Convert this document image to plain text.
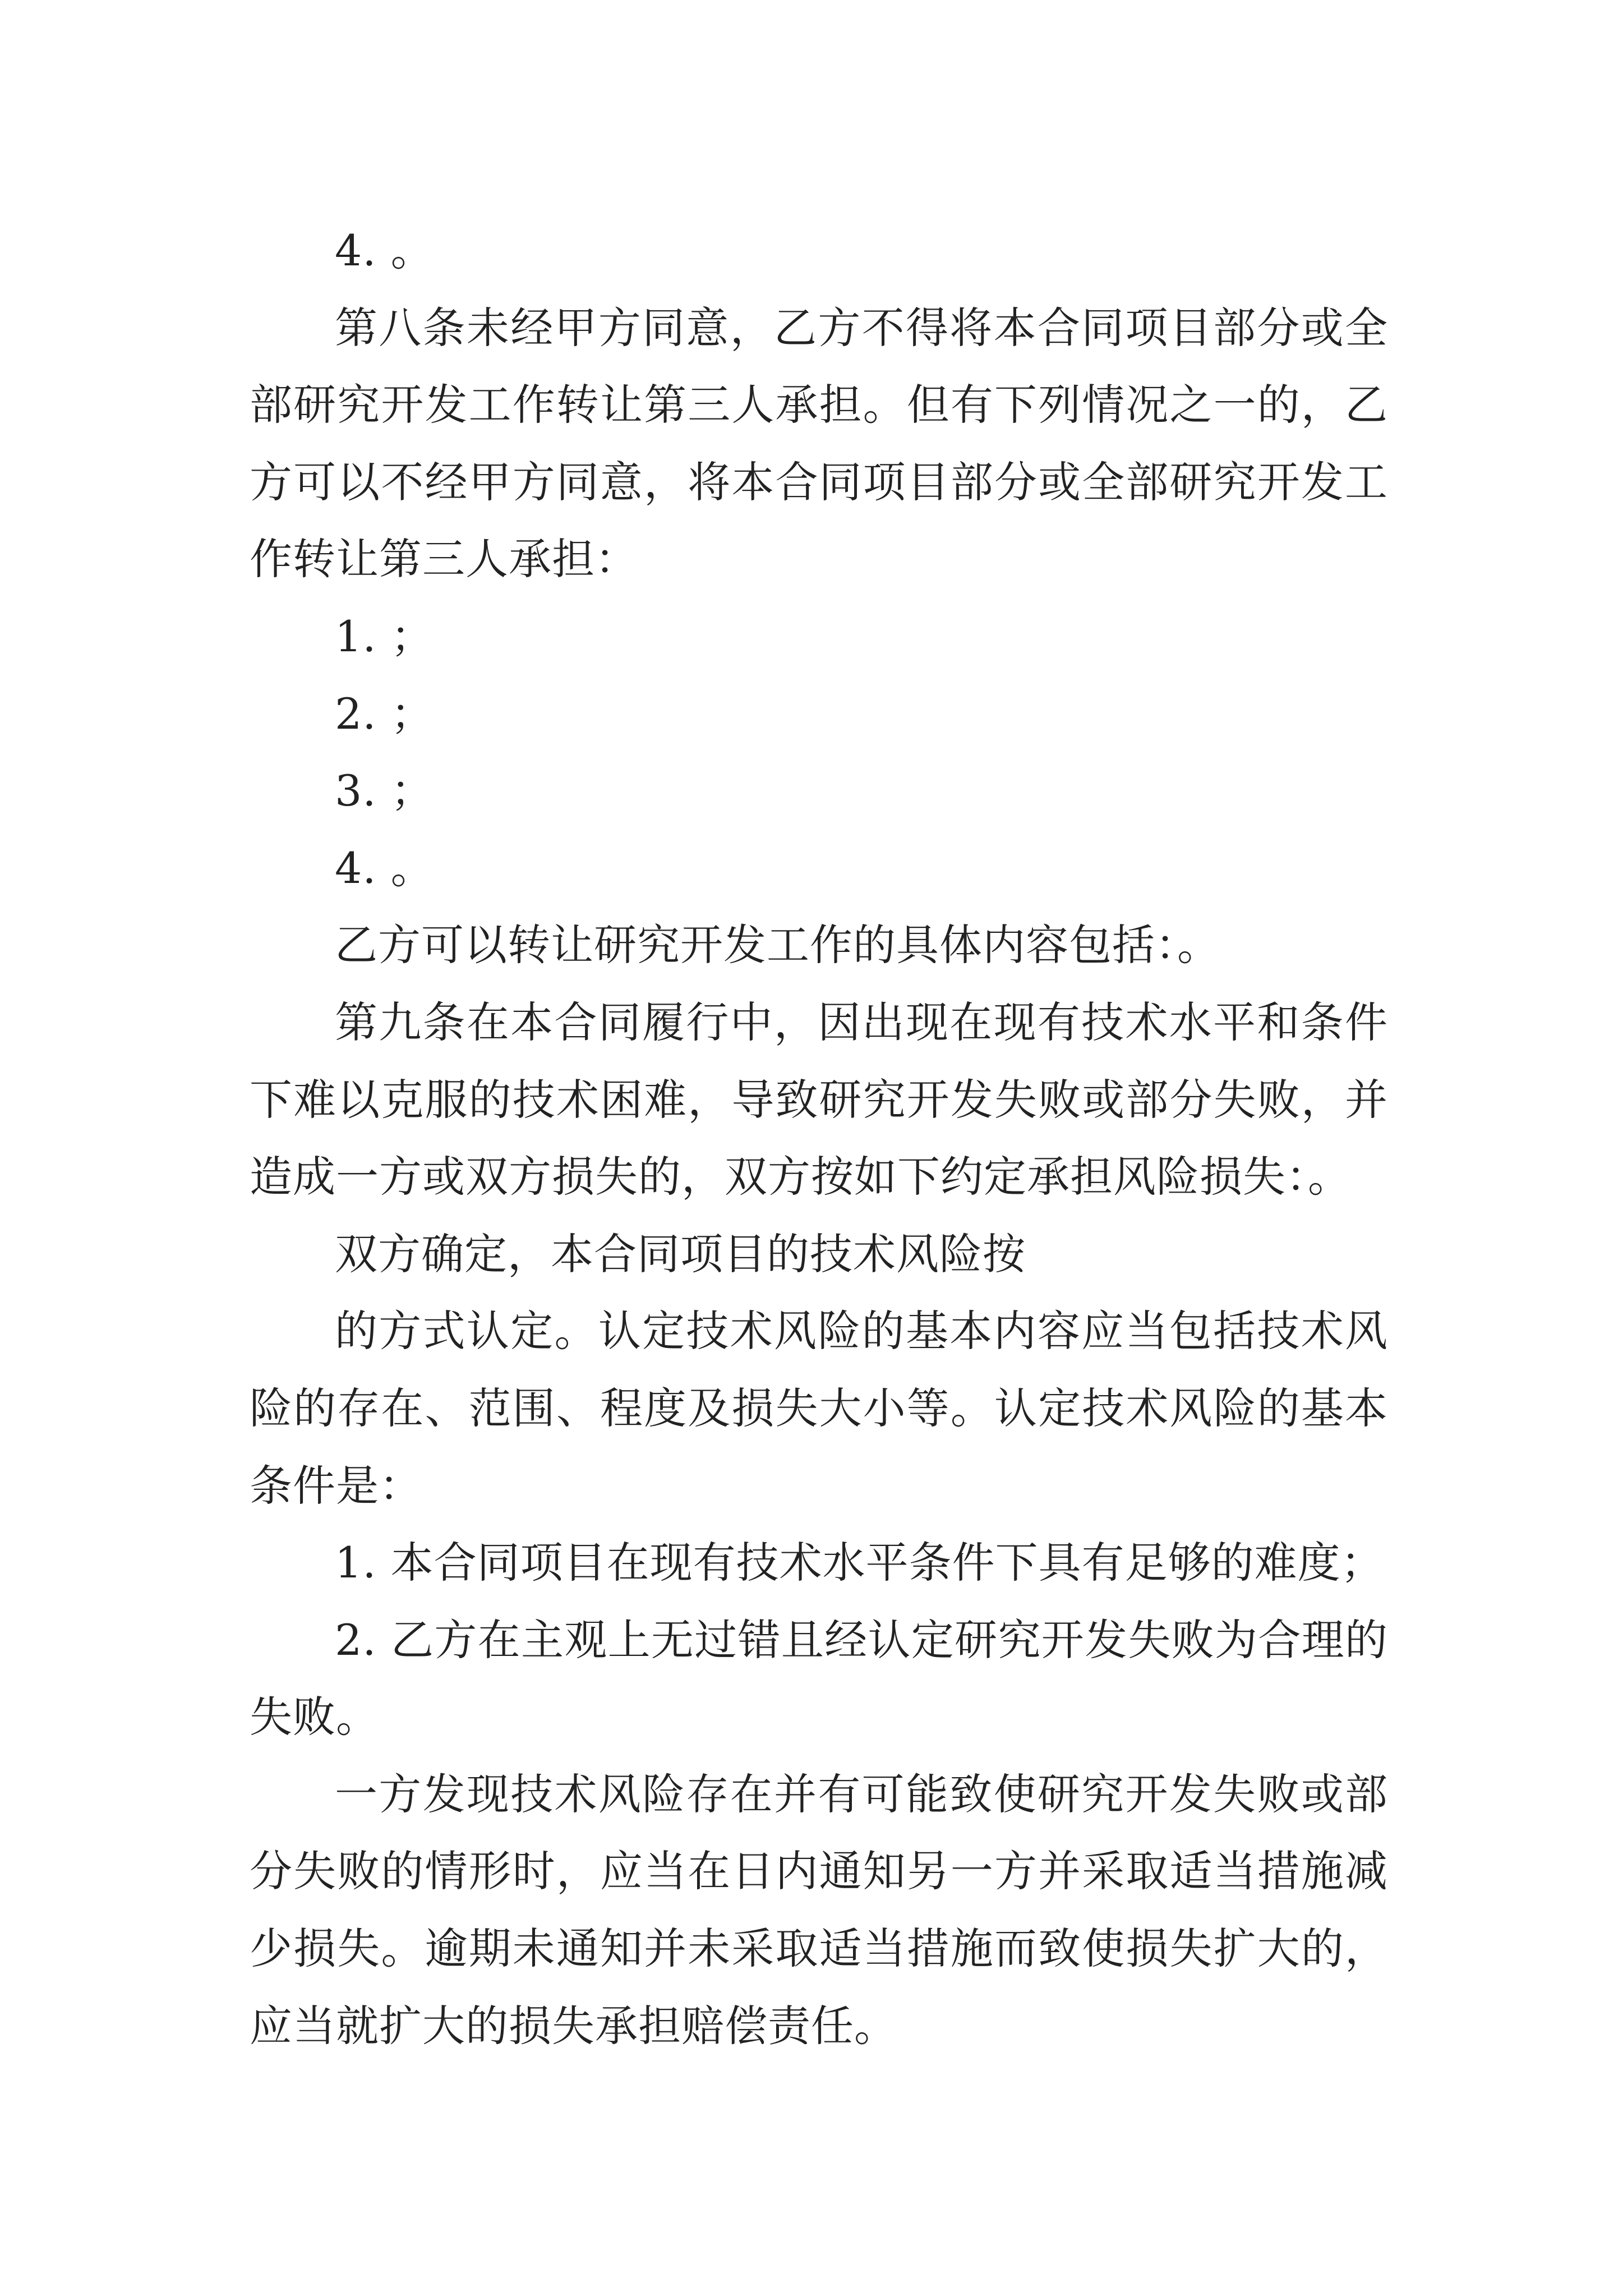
4. 。

第八条未经甲方同意，乙方不得将本合同项目部分或全部研究开发工作转让第三人承担。但有下列情况之一的，乙方可以不经甲方同意，将本合同项目部分或全部研究开发工作转让第三人承担：

1. ；

2. ；

3. ；

4. 。

乙方可以转让研究开发工作的具体内容包括：。

第九条在本合同履行中，因出现在现有技术水平和条件下难以克服的技术困难，导致研究开发失败或部分失败，并造成一方或双方损失的，双方按如下约定承担风险损失：。

双方确定，本合同项目的技术风险按

的方式认定。认定技术风险的基本内容应当包括技术风险的存在、范围、程度及损失大小等。认定技术风险的基本条件是：

1. 本合同项目在现有技术水平条件下具有足够的难度；

2. 乙方在主观上无过错且经认定研究开发失败为合理的失败。

一方发现技术风险存在并有可能致使研究开发失败或部分失败的情形时，应当在日内通知另一方并采取适当措施减少损失。逾期未通知并未采取适当措施而致使损失扩大的，应当就扩大的损失承担赔偿责任。
